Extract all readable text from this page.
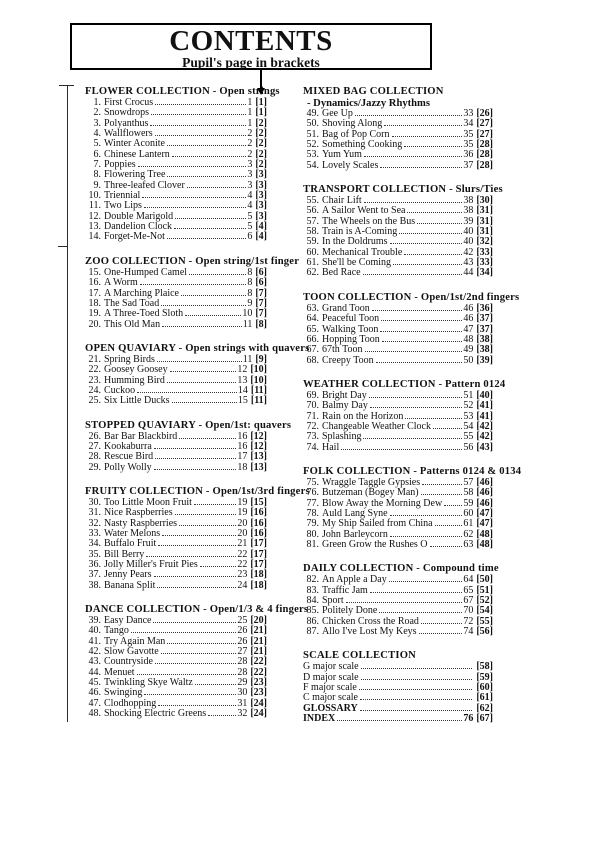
CONTENTS
Pupil's page in brackets
FLOWER COLLECTION - Open strings
1. First Crocus	1 [1]
2. Snowdrops	1 [1]
3. Polyanthus	1 [2]
4. Wallflowers	2 [2]
5. Winter Aconite	2 [2]
6. Chinese Lantern	2 [2]
7. Poppies	3 [2]
8. Flowering Tree	3 [3]
9. Three-leafed Clover	3 [3]
10. Triennial	4 [3]
11. Two Lips	4 [3]
12. Double Marigold	5 [3]
13. Dandelion Clock	5 [4]
14. Forget-Me-Not	6 [4]
ZOO COLLECTION - Open string/1st finger
15. One-Humped Camel	8 [6]
16. A Worm	8 [6]
17. A Marching Plaice	8 [7]
18. The Sad Toad	9 [7]
19. A Three-Toed Sloth	10 [7]
20. This Old Man	11 [8]
OPEN QUAVIARY - Open strings with quavers
21. Spring Birds	11 [9]
22. Goosey Goosey	12 [10]
23. Humming Bird	13 [10]
24. Cuckoo	14 [11]
25. Six Little Ducks	15 [11]
STOPPED QUAVIARY - Open/1st: quavers
26. Bar Bar Blackbird	16 [12]
27. Kookaburra	16 [12]
28. Rescue Bird	17 [13]
29. Polly Wolly	18 [13]
FRUITY COLLECTION - Open/1st/3rd fingers
30. Too Little Moon Fruit	19 [15]
31. Nice Raspberries	19 [16]
32. Nasty Raspberries	20 [16]
33. Water Melons	20 [16]
34. Buffalo Fruit	21 [17]
35. Bill Berry	22 [17]
36. Jolly Miller's Fruit Pies	22 [17]
37. Jenny Pears	23 [18]
38. Banana Split	24 [18]
DANCE COLLECTION - Open/1/3 & 4 fingers
39. Easy Dance	25 [20]
40. Tango	26 [21]
41. Try Again Man	26 [21]
42. Slow Gavotte	27 [21]
43. Countryside	28 [22]
44. Menuet	28 [22]
45. Twinkling Skye Waltz	29 [23]
46. Swinging	30 [23]
47. Clodhopping	31 [24]
48. Shocking Electric Greens	32 [24]
MIXED BAG COLLECTION
- Dynamics/Jazzy Rhythms
49. Gee Up	33 [26]
50. Shoving Along	34 [27]
51. Bag of Pop Corn	35 [27]
52. Something Cooking	35 [28]
53. Yum Yum	36 [28]
54. Lovely Scales	37 [28]
TRANSPORT COLLECTION - Slurs/Ties
55. Chair Lift	38 [30]
56. A Sailor Went to Sea	38 [31]
57. The Wheels on the Bus	39 [31]
58. Train is A-Coming	40 [31]
59. In the Doldrums	40 [32]
60. Mechanical Trouble	42 [33]
61. She'll be Coming	43 [33]
62. Bed Race	44 [34]
TOON COLLECTION - Open/1st/2nd fingers
63. Grand Toon	46 [36]
64. Peaceful Toon	46 [37]
65. Walking Toon	47 [37]
66. Hopping Toon	48 [38]
67. 67th Toon	49 [38]
68. Creepy Toon	50 [39]
WEATHER COLLECTION - Pattern 0124
69. Bright Day	51 [40]
70. Balmy Day	52 [41]
71. Rain on the Horizon	53 [41]
72. Changeable Weather Clock	54 [42]
73. Splashing	55 [42]
74. Hail	56 [43]
FOLK COLLECTION - Patterns 0124 & 0134
75. Wraggle Taggle Gypsies	57 [46]
76. Butzeman (Bogey Man)	58 [46]
77. Blow Away the Morning Dew 59 [46]
78. Auld Lang Syne	60 [47]
79. My Ship Sailed from China	61 [47]
80. John Barleycorn	62 [48]
81. Green Grow the Rushes O	63 [48]
DAILY COLLECTION - Compound time
82. An Apple a Day	64 [50]
83. Traffic Jam	65 [51]
84. Sport	67 [52]
85. Politely Done	70 [54]
86. Chicken Cross the Road	72 [55]
87. Allo I've Lost My Keys	74 [56]
SCALE COLLECTION
G major scale	[58]
D major scale	[59]
F major scale	[60]
C major scale	[61]
GLOSSARY	[62]
INDEX	76 [67]
